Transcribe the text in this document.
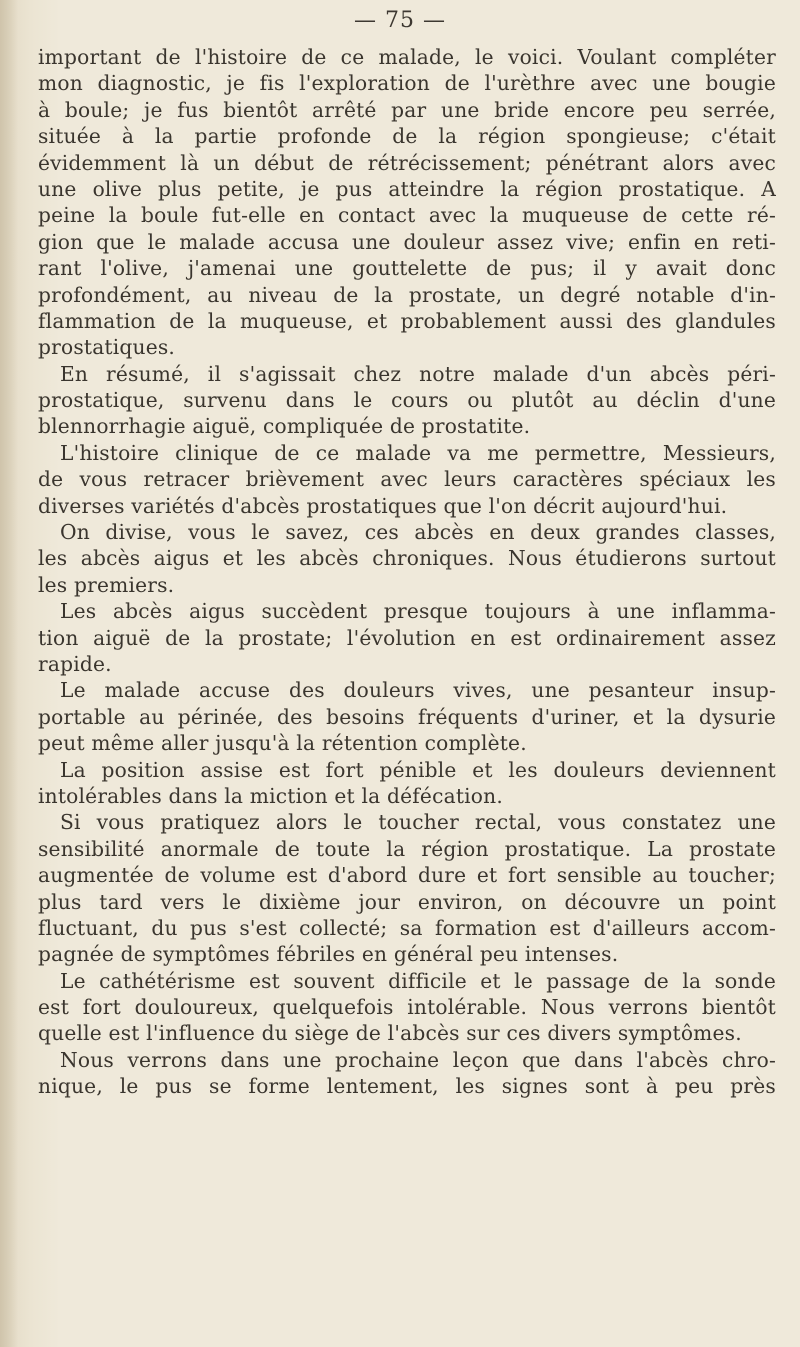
— 75 —
important de l'histoire de ce malade, le voici. Voulant compléter
mon diagnostic, je fis l'exploration de l'urèthre avec une bougie
à boule; je fus bientôt arrêté par une bride encore peu serrée,
située à la partie profonde de la région spongieuse; c'était
évidemment là un début de rétrécissement; pénétrant alors avec
une olive plus petite, je pus atteindre la région prostatique. A
peine la boule fut-elle en contact avec la muqueuse de cette ré-
gion que le malade accusa une douleur assez vive; enfin en reti-
rant l'olive, j'amenai une gouttelette de pus; il y avait donc
profondément, au niveau de la prostate, un degré notable d'in-
flammation de la muqueuse, et probablement aussi des glandules
prostatiques.
En résumé, il s'agissait chez notre malade d'un abcès péri-
prostatique, survenu dans le cours ou plutôt au déclin d'une
blennorrhagie aiguë, compliquée de prostatite.
L'histoire clinique de ce malade va me permettre, Messieurs,
de vous retracer brièvement avec leurs caractères spéciaux les
diverses variétés d'abcès prostatiques que l'on décrit aujourd'hui.
On divise, vous le savez, ces abcès en deux grandes classes,
les abcès aigus et les abcès chroniques. Nous étudierons surtout
les premiers.
Les abcès aigus succèdent presque toujours à une inflamma-
tion aiguë de la prostate; l'évolution en est ordinairement assez
rapide.
Le malade accuse des douleurs vives, une pesanteur insup-
portable au périnée, des besoins fréquents d'uriner, et la dysurie
peut même aller jusqu'à la rétention complète.
La position assise est fort pénible et les douleurs deviennent
intolérables dans la miction et la défécation.
Si vous pratiquez alors le toucher rectal, vous constatez une
sensibilité anormale de toute la région prostatique. La prostate
augmentée de volume est d'abord dure et fort sensible au toucher;
plus tard vers le dixième jour environ, on découvre un point
fluctuant, du pus s'est collecté; sa formation est d'ailleurs accom-
pagnée de symptômes fébriles en général peu intenses.
Le cathétérisme est souvent difficile et le passage de la sonde
est fort douloureux, quelquefois intolérable. Nous verrons bientôt
quelle est l'influence du siège de l'abcès sur ces divers symptômes.
Nous verrons dans une prochaine leçon que dans l'abcès chro-
nique, le pus se forme lentement, les signes sont à peu près
